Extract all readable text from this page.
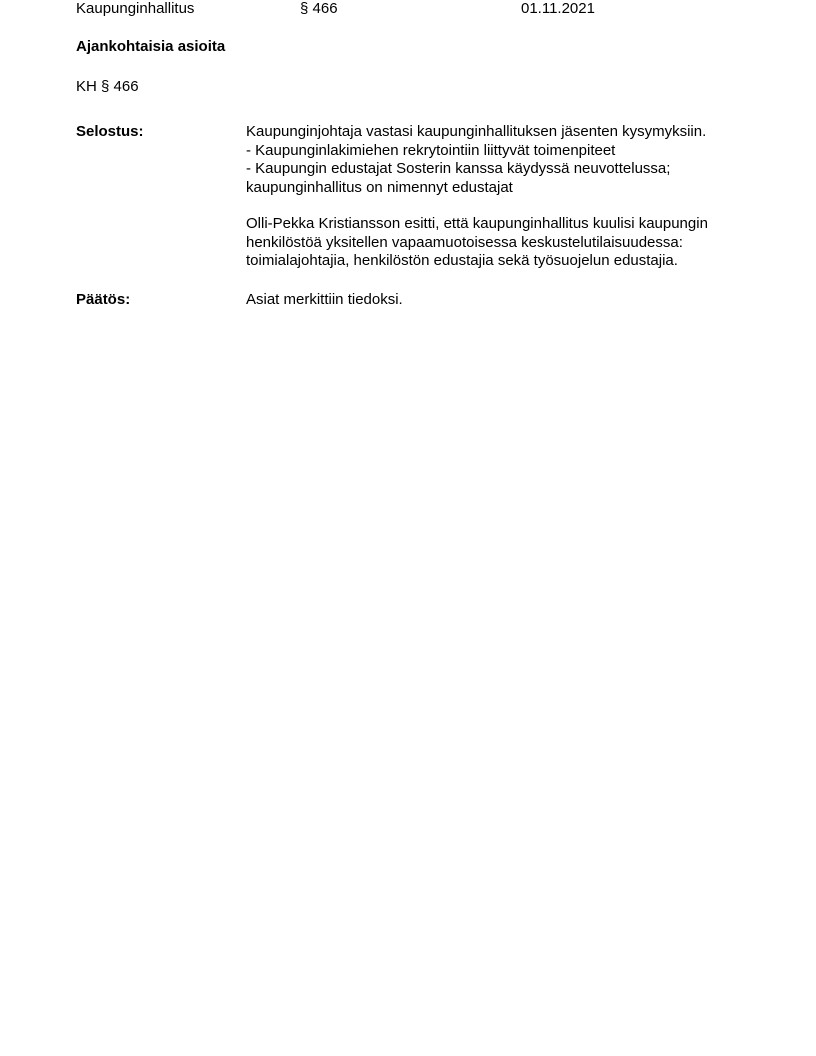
Kaupunginhallitus	§ 466	01.11.2021
Ajankohtaisia asioita
KH § 466
Selostus:	Kaupunginjohtaja vastasi kaupunginhallituksen jäsenten kysymyksiin.
- Kaupunginlakimiehen rekrytointiin liittyvät toimenpiteet
- Kaupungin edustajat Sosterin kanssa käydyssä neuvottelussa;
kaupunginhallitus on nimennyt edustajat
Olli-Pekka Kristiansson esitti, että kaupunginhallitus kuulisi kaupungin
henkilöstöä yksitellen vapaamuotoisessa keskustelutilaisuudessa:
toimialajohtajia, henkilöstön edustajia sekä työsuojelun edustajia.
Päätös:	Asiat merkittiin tiedoksi.
